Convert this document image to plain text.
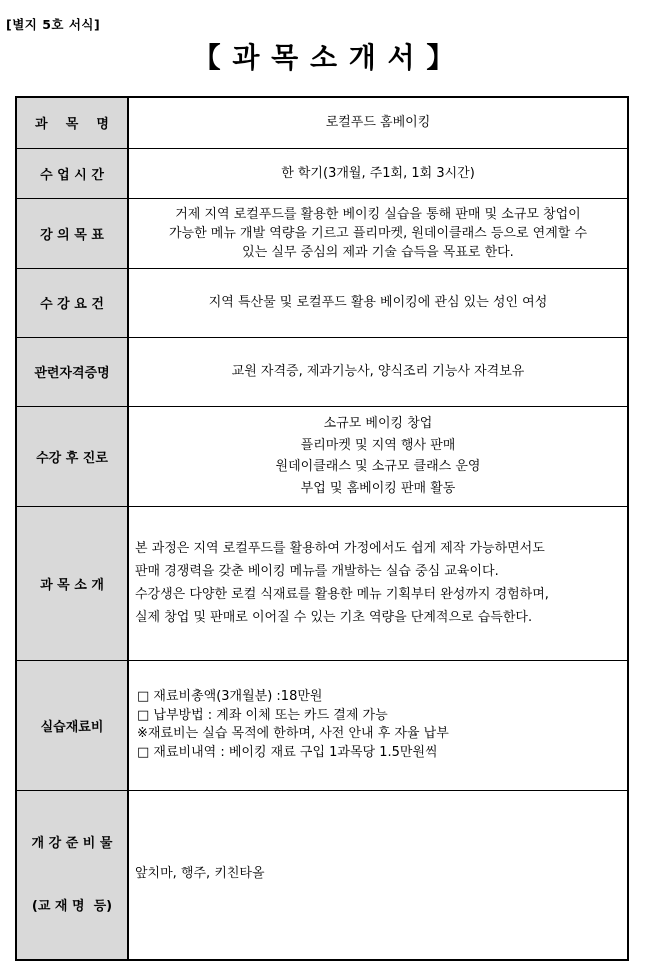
[별지 5호 서식]
【 과 목 소 개 서 】
과    목    명	로컬푸드 홈베이킹
수 업 시 간	한 학기(3개월, 주1회, 1회 3시간)
강 의 목 표	거제 지역 로컬푸드를 활용한 베이킹 실습을 통해 판매 및 소규모 창업이
가능한 메뉴 개발 역량을 기르고 플리마켓, 원데이클래스 등으로 연계할 수
있는 실무 중심의 제과 기술 습득을 목표로 한다.

수 강 요 건	지역 특산물 및 로컬푸드 활용 베이킹에 관심 있는 성인 여성
관련자격증명	교원 자격증, 제과기능사, 양식조리 기능사 자격보유
수강 후 진로	소규모 베이킹 창업
플리마켓 및 지역 행사 판매
원데이클래스 및 소규모 클래스 운영
부업 및 홈베이킹 판매 활동

과 목 소 개	본 과정은 지역 로컬푸드를 활용하여 가정에서도 쉽게 제작 가능하면서도
판매 경쟁력을 갖춘 베이킹 메뉴를 개발하는 실습 중심 교육이다.
수강생은 다양한 로컬 식재료를 활용한 메뉴 기획부터 완성까지 경험하며,
실제 창업 및 판매로 이어질 수 있는 기초 역량을 단계적으로 습득한다.

실습재료비	□ 재료비총액(3개월분) :18만원
□ 납부방법 : 계좌 이체 또는 카드 결제 가능
※재료비는 실습 목적에 한하며, 사전 안내 후 자율 납부
□ 재료비내역 : 베이킹 재료 구입 1과목당 1.5만원씩

개 강 준 비 물

(교 재 명  등)	앞치마, 행주, 키친타올
